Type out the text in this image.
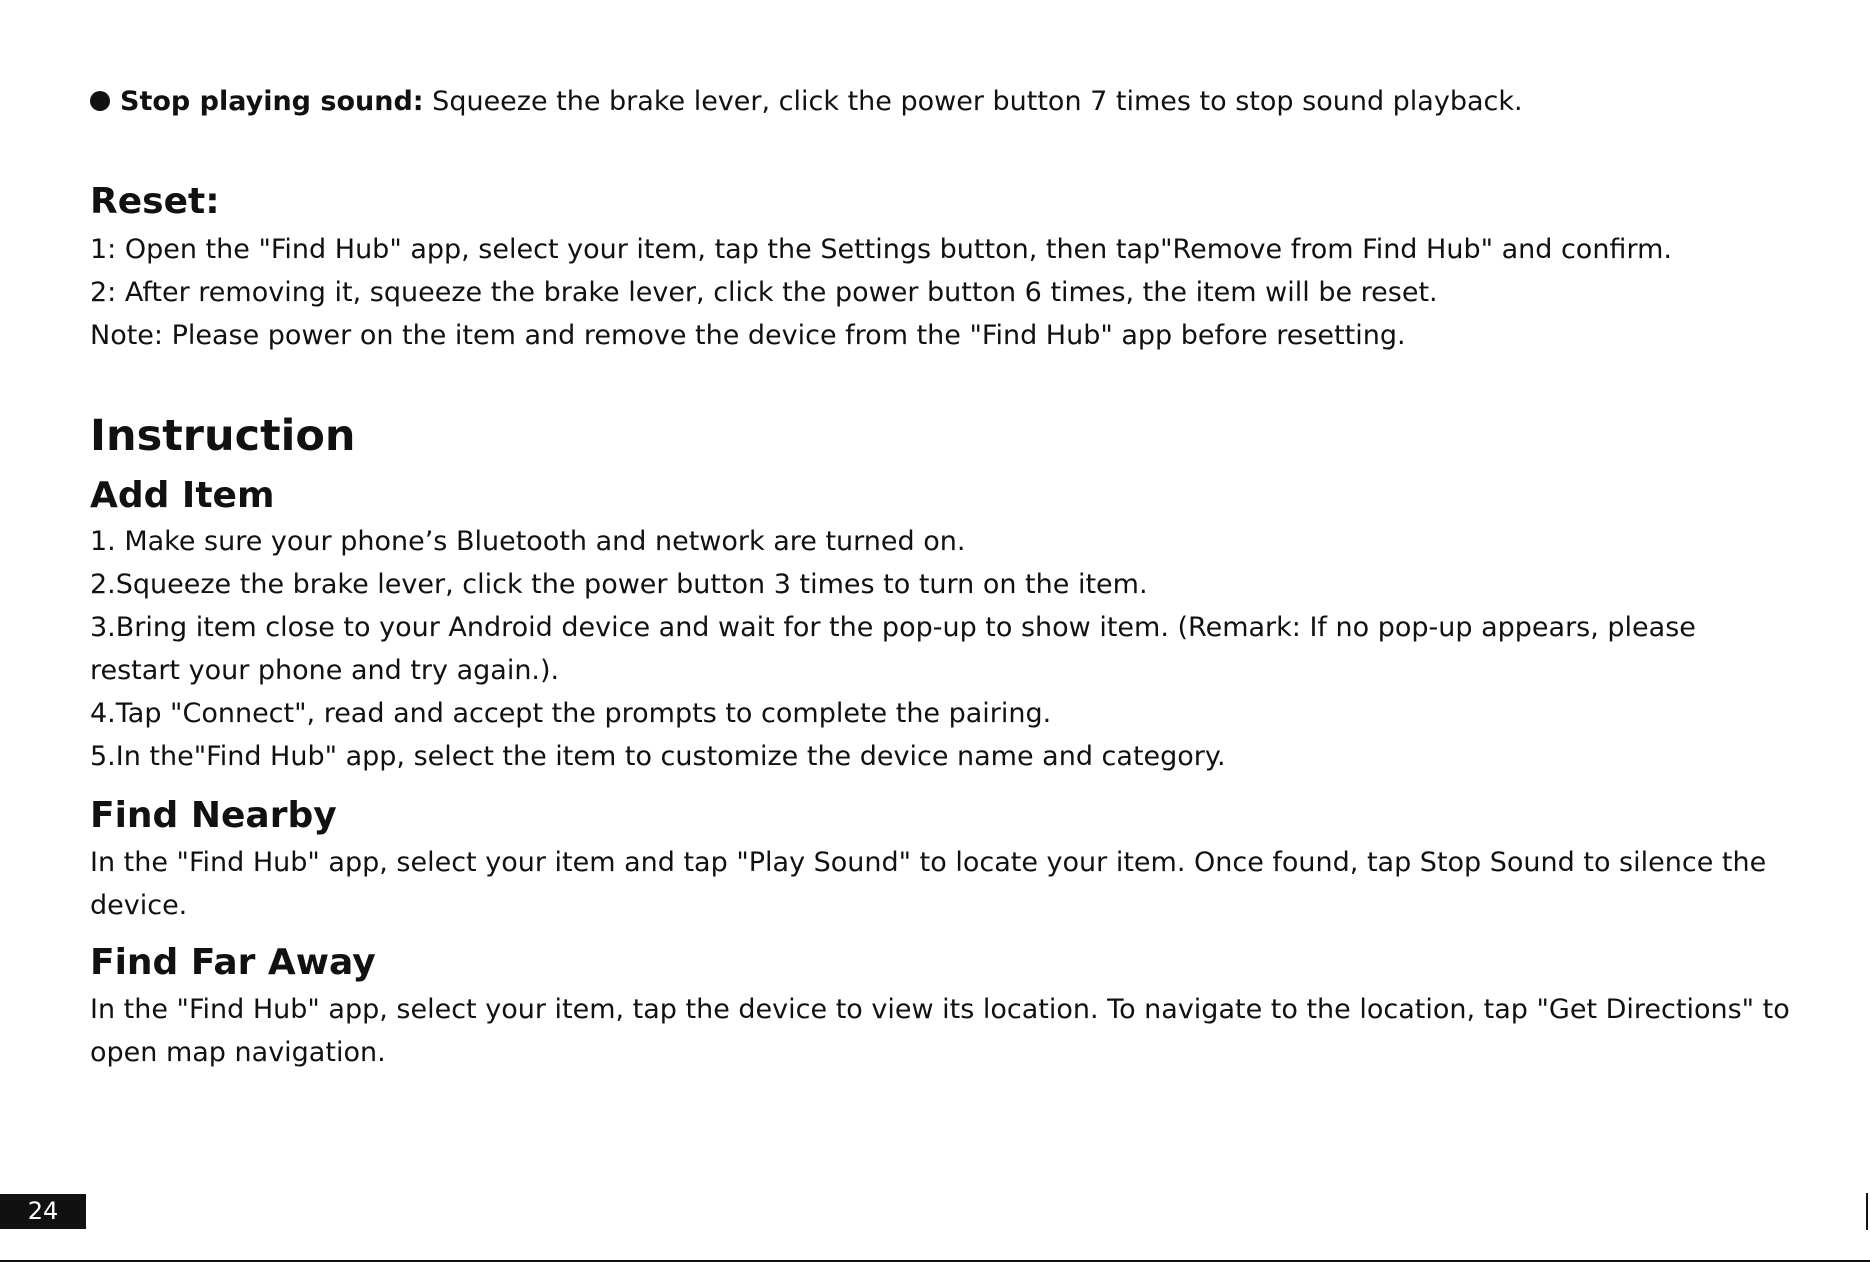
Stop playing sound: Squeeze the brake lever, click the power button 7 times to stop sound playback.
Reset:
1: Open the "Find Hub" app, select your item, tap the Settings button, then tap"Remove from Find Hub" and confirm.
2: After removing it, squeeze the brake lever, click the power button 6 times, the item will be reset.
Note: Please power on the item and remove the device from the "Find Hub" app before resetting.
Instruction
Add Item
1. Make sure your phone’s Bluetooth and network are turned on.
2.Squeeze the brake lever, click the power button 3 times to turn on the item.
3.Bring item close to your Android device and wait for the pop-up to show item. (Remark: If no pop-up appears, please restart your phone and try again.).
4.Tap "Connect", read and accept the prompts to complete the pairing.
5.In the"Find Hub" app, select the item to customize the device name and category.
Find Nearby
In the "Find Hub" app, select your item and tap "Play Sound" to locate your item. Once found, tap Stop Sound to silence the device.
Find Far Away
In the "Find Hub" app, select your item, tap the device to view its location. To navigate to the location, tap "Get Directions" to open map navigation.
24
